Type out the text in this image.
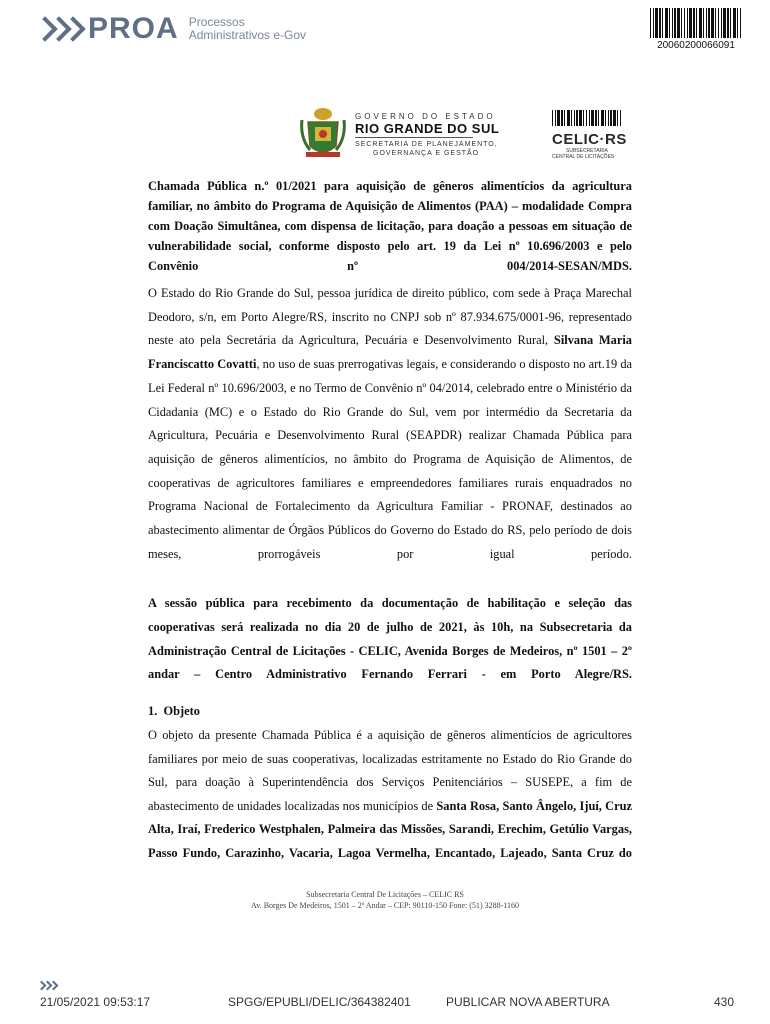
PROA Processos
Administrativos e-Gov
20060200066091
GOVERNO DO ESTADO
RIO GRANDE DO SUL
SECRETARIA DE PLANEJAMENTO,
GOVERNANÇA E GESTÃO
CELIC·RS
SUBSECRETARIA
CENTRAL DE LICITAÇÕES
Chamada Pública n.º 01/2021 para aquisição de gêneros alimentícios da agricultura familiar, no âmbito do Programa de Aquisição de Alimentos (PAA) – modalidade Compra com Doação Simultânea, com dispensa de licitação, para doação a pessoas em situação de vulnerabilidade social, conforme disposto pelo art. 19 da Lei nº 10.696/2003 e pelo Convênio nº 004/2014-SESAN/MDS.
O Estado do Rio Grande do Sul, pessoa jurídica de direito público, com sede à Praça Marechal Deodoro, s/n, em Porto Alegre/RS, inscrito no CNPJ sob nº 87.934.675/0001-96, representado neste ato pela Secretária da Agricultura, Pecuária e Desenvolvimento Rural, Silvana Maria Franciscatto Covatti, no uso de suas prerrogativas legais, e considerando o disposto no art.19 da Lei Federal nº 10.696/2003, e no Termo de Convênio nº 04/2014, celebrado entre o Ministério da Cidadania (MC) e o Estado do Rio Grande do Sul, vem por intermédio da Secretaria da Agricultura, Pecuária e Desenvolvimento Rural (SEAPDR) realizar Chamada Pública para aquisição de gêneros alimentícios, no âmbito do Programa de Aquisição de Alimentos, de cooperativas de agricultores familiares e empreendedores familiares rurais enquadrados no Programa Nacional de Fortalecimento da Agricultura Familiar - PRONAF, destinados ao abastecimento alimentar de Órgãos Públicos do Governo do Estado do RS, pelo período de dois meses, prorrogáveis por igual período.
A sessão pública para recebimento da documentação de habilitação e seleção das cooperativas será realizada no dia 20 de julho de 2021, às 10h, na Subsecretaria da Administração Central de Licitações - CELIC, Avenida Borges de Medeiros, nº 1501 – 2º andar – Centro Administrativo Fernando Ferrari - em Porto Alegre/RS.
1.  Objeto
O objeto da presente Chamada Pública é a aquisição de gêneros alimentícios de agricultores familiares por meio de suas cooperativas, localizadas estritamente no Estado do Rio Grande do Sul, para doação à Superintendência dos Serviços Penitenciários – SUSEPE, a fim de abastecimento de unidades localizadas nos municípios de Santa Rosa, Santo Ângelo, Ijuí, Cruz Alta, Iraí, Frederico Westphalen, Palmeira das Missões, Sarandi, Erechim, Getúlio Vargas, Passo Fundo, Carazinho, Vacaria, Lagoa Vermelha, Encantado, Lajeado, Santa Cruz do
Subsecretaria Central De Licitações – CELIC RS
Av. Borges De Medeiros, 1501 – 2º Andar – CEP: 90110-150 Fone: (51) 3288-1160
21/05/2021 09:53:17	SPGG/EPUBLI/DELIC/364382401	PUBLICAR NOVA ABERTURA	430
